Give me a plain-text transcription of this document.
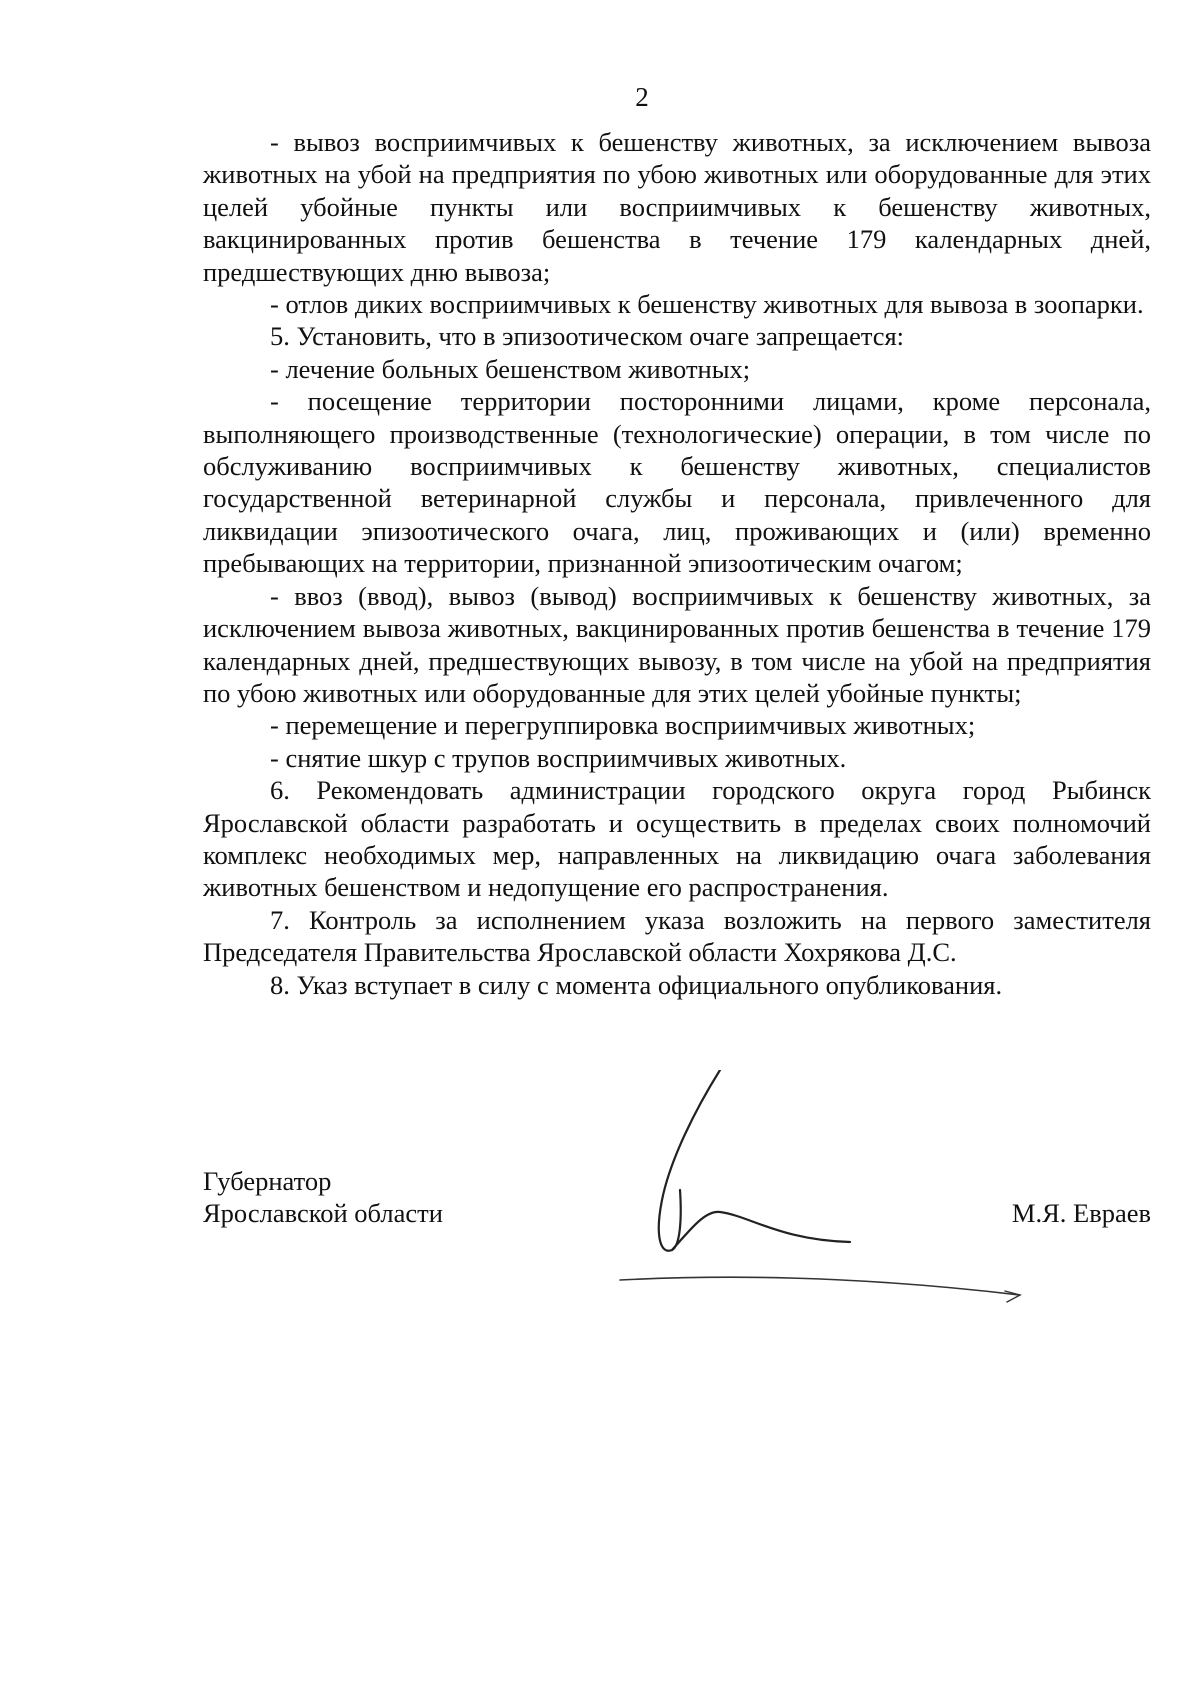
2

- вывоз восприимчивых к бешенству животных, за исключением вывоза животных на убой на предприятия по убою животных или оборудованные для этих целей убойные пункты или восприимчивых к бешенству животных, вакцинированных против бешенства в течение 179 календарных дней, предшествующих дню вывоза;

- отлов диких восприимчивых к бешенству животных для вывоза в зоопарки.

5. Установить, что в эпизоотическом очаге запрещается:

- лечение больных бешенством животных;

- посещение территории посторонними лицами, кроме персонала, выполняющего производственные (технологические) операции, в том числе по обслуживанию восприимчивых к бешенству животных, специалистов государственной ветеринарной службы и персонала, привлеченного для ликвидации эпизоотического очага, лиц, проживающих и (или) временно пребывающих на территории, признанной эпизоотическим очагом;

- ввоз (ввод), вывоз (вывод) восприимчивых к бешенству животных, за исключением вывоза животных, вакцинированных против бешенства в течение 179 календарных дней, предшествующих вывозу, в том числе на убой на предприятия по убою животных или оборудованные для этих целей убойные пункты;

- перемещение и перегруппировка восприимчивых животных;

- снятие шкур с трупов восприимчивых животных.

6. Рекомендовать администрации городского округа город Рыбинск Ярославской области разработать и осуществить в пределах своих полномочий комплекс необходимых мер, направленных на ликвидацию очага заболевания животных бешенством и недопущение его распространения.

7. Контроль за исполнением указа возложить на первого заместителя Председателя Правительства Ярославской области Хохрякова Д.С.

8. Указ вступает в силу с момента официального опубликования.

Губернатор
Ярославской области	М.Я. Евраев
